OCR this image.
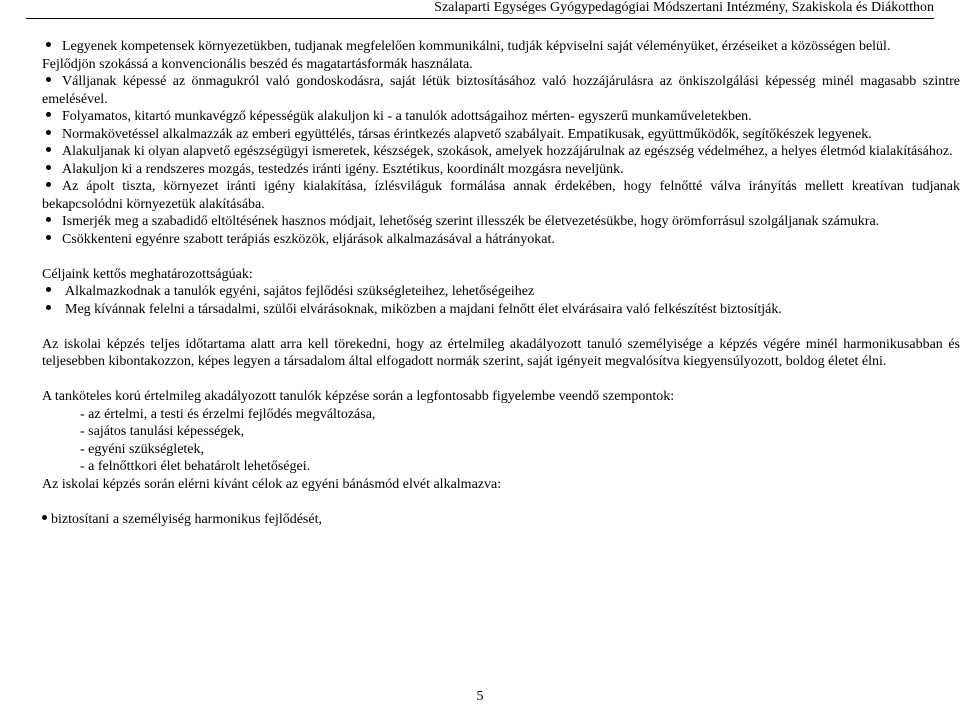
Szalaparti Egységes Gyógypedagógiai Módszertani Intézmény, Szakiskola és Diákotthon
Legyenek kompetensek környezetükben, tudjanak megfelelően kommunikálni, tudják képviselni saját véleményüket, érzéseiket a közösségen belül.
Fejlődjön szokássá a konvencionális beszéd és magatartásformák használata.
Válljanak képessé az önmagukról való gondoskodásra, saját létük biztosításához való hozzájárulásra az önkiszolgálási képesség minél magasabb szintre emelésével.
Folyamatos, kitartó munkavégző képességük alakuljon ki - a tanulók adottságaihoz mérten- egyszerű munkaműveletekben.
Normakövetéssel alkalmazzák az emberi együttélés, társas érintkezés alapvető szabályait. Empatikusak, együttműködők, segítőkészek legyenek.
Alakuljanak ki olyan alapvető egészségügyi ismeretek, készségek, szokások, amelyek hozzájárulnak az egészség védelméhez, a helyes életmód kialakításához.
Alakuljon ki a rendszeres mozgás, testedzés iránti igény. Esztétikus, koordinált mozgásra neveljünk.
Az ápolt tiszta, környezet iránti igény kialakítása, ízlésviláguk formálása annak érdekében, hogy felnőtté válva irányítás mellett kreatívan tudjanak bekapcsolódni környezetük alakításába.
Ismerjék meg a szabadidő eltöltésének hasznos módjait, lehetőség szerint illesszék be életvezetésükbe, hogy örömforrásul szolgáljanak számukra.
Csökkenteni egyénre szabott terápiás eszközök, eljárások alkalmazásával a hátrányokat.
Céljaink kettős meghatározottságúak:
Alkalmazkodnak a tanulók egyéni, sajátos fejlődési szükségleteihez, lehetőségeihez
Meg kívánnak felelni a társadalmi, szülői elvárásoknak, miközben a majdani felnőtt élet elvárásaira való felkészítést biztosítják.
Az iskolai képzés teljes időtartama alatt arra kell törekedni, hogy az értelmileg akadályozott tanuló személyisége a képzés végére minél harmonikusabban és teljesebben kibontakozzon, képes legyen a társadalom által elfogadott normák szerint, saját igényeit megvalósítva kiegyensúlyozott, boldog életet élni.
A tanköteles korú értelmileg akadályozott tanulók képzése során a legfontosabb figyelembe veendő szempontok:
- az értelmi, a testi és érzelmi fejlődés megváltozása,
- sajátos tanulási képességek,
- egyéni szükségletek,
- a felnőttkori élet behatárolt lehetőségei.
Az iskolai képzés során elérni kívánt célok az egyéni bánásmód elvét alkalmazva:
biztosítani a személyiség harmonikus fejlődését,
5
